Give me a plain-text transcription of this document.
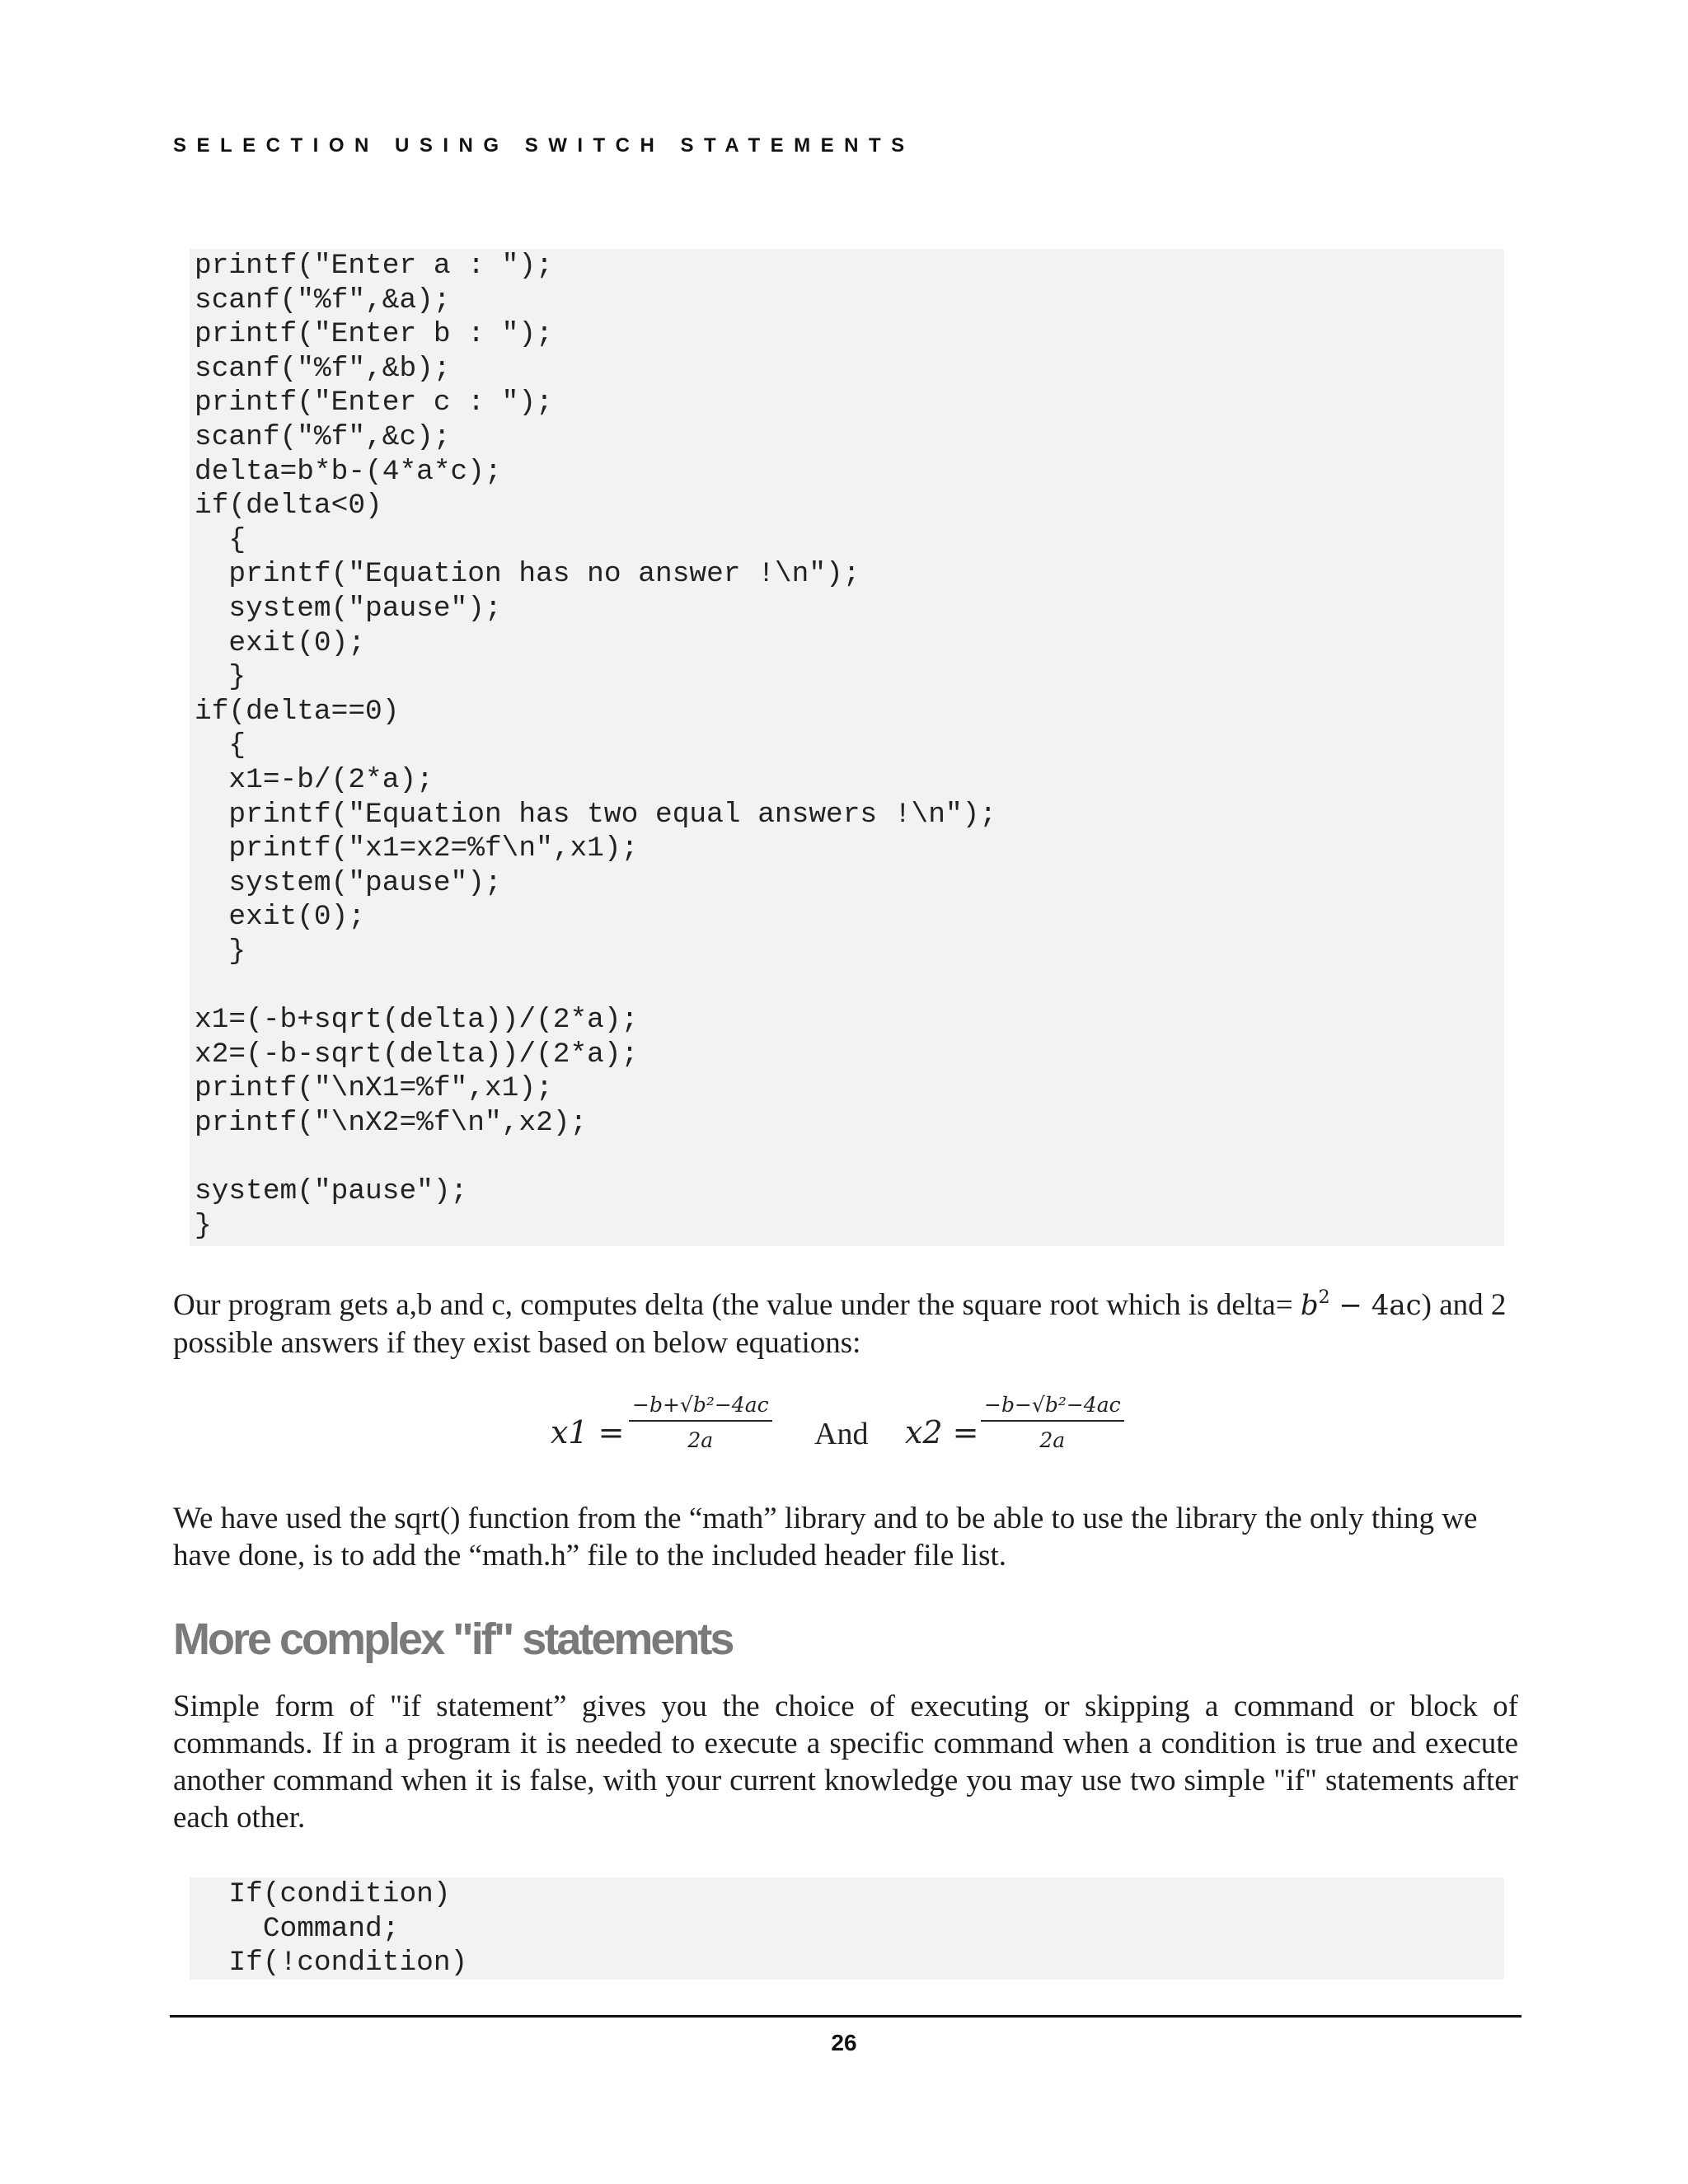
SELECTION USING SWITCH STATEMENTS
printf("Enter a : ");
scanf("%f",&a);
printf("Enter b : ");
scanf("%f",&b);
printf("Enter c : ");
scanf("%f",&c);
delta=b*b-(4*a*c);
if(delta<0)
{
printf("Equation has no answer !\n");
system("pause");
exit(0);
}
if(delta==0)
{
x1=-b/(2*a);
printf("Equation has two equal answers !\n");
printf("x1=x2=%f\n",x1);
system("pause");
exit(0);
}

x1=(-b+sqrt(delta))/(2*a);
x2=(-b-sqrt(delta))/(2*a);
printf("\nX1=%f",x1);
printf("\nX2=%f\n",x2);

system("pause");
}

Our program gets a,b and c, computes delta (the value under the square root which is delta= $b^2 - 4ac$) and 2 possible answers if they exist based on below equations:

$x1 = \frac{\text{−b+√b²−4ac}}{2a}$ And $x2 = \frac{\text{−b−√b²−4ac}}{2a}$

We have used the sqrt() function from the “math” library and to be able to use the library the only thing we have done, is to add the “math.h” file to the included header file list.

More complex "if" statements

Simple form of "if statement” gives you the choice of executing or skipping a command or block of commands. If in a program it is needed to execute a specific command when a condition is true and execute another command when it is false, with your current knowledge you may use two simple "if" statements after each other.

If(condition)
Command;
If(!condition)
26
